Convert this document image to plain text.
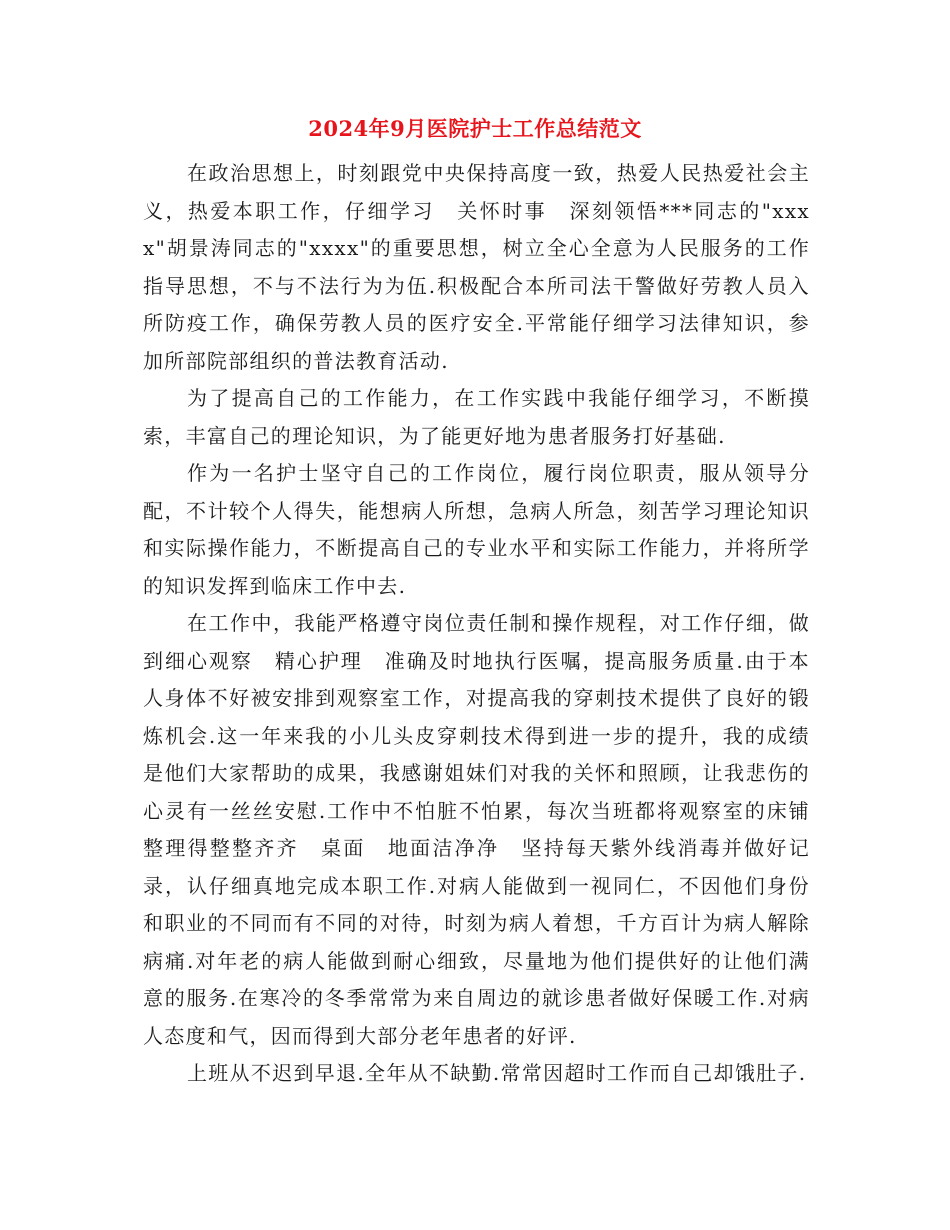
2024年9月医院护士工作总结范文

在政治思想上，时刻跟党中央保持高度一致，热爱人民热爱社会主义，热爱本职工作，仔细学习　关怀时事　深刻领悟***同志的"xxxx"胡景涛同志的"xxxx"的重要思想，树立全心全意为人民服务的工作指导思想，不与不法行为为伍.积极配合本所司法干警做好劳教人员入所防疫工作，确保劳教人员的医疗安全.平常能仔细学习法律知识，参加所部院部组织的普法教育活动.

为了提高自己的工作能力，在工作实践中我能仔细学习，不断摸索，丰富自己的理论知识，为了能更好地为患者服务打好基础.

作为一名护士坚守自己的工作岗位，履行岗位职责，服从领导分配，不计较个人得失，能想病人所想，急病人所急，刻苦学习理论知识和实际操作能力，不断提高自己的专业水平和实际工作能力，并将所学的知识发挥到临床工作中去.

在工作中，我能严格遵守岗位责任制和操作规程，对工作仔细，做到细心观察　精心护理　准确及时地执行医嘱，提高服务质量.由于本人身体不好被安排到观察室工作，对提高我的穿刺技术提供了良好的锻炼机会.这一年来我的小儿头皮穿刺技术得到进一步的提升，我的成绩是他们大家帮助的成果，我感谢姐妹们对我的关怀和照顾，让我悲伤的心灵有一丝丝安慰.工作中不怕脏不怕累，每次当班都将观察室的床铺整理得整整齐齐　桌面　地面洁净净　坚持每天紫外线消毒并做好记录，认仔细真地完成本职工作.对病人能做到一视同仁，不因他们身份和职业的不同而有不同的对待，时刻为病人着想，千方百计为病人解除病痛.对年老的病人能做到耐心细致，尽量地为他们提供好的让他们满意的服务.在寒冷的冬季常常为来自周边的就诊患者做好保暖工作.对病人态度和气，因而得到大部分老年患者的好评.

上班从不迟到早退.全年从不缺勤.常常因超时工作而自己却饿肚子.
